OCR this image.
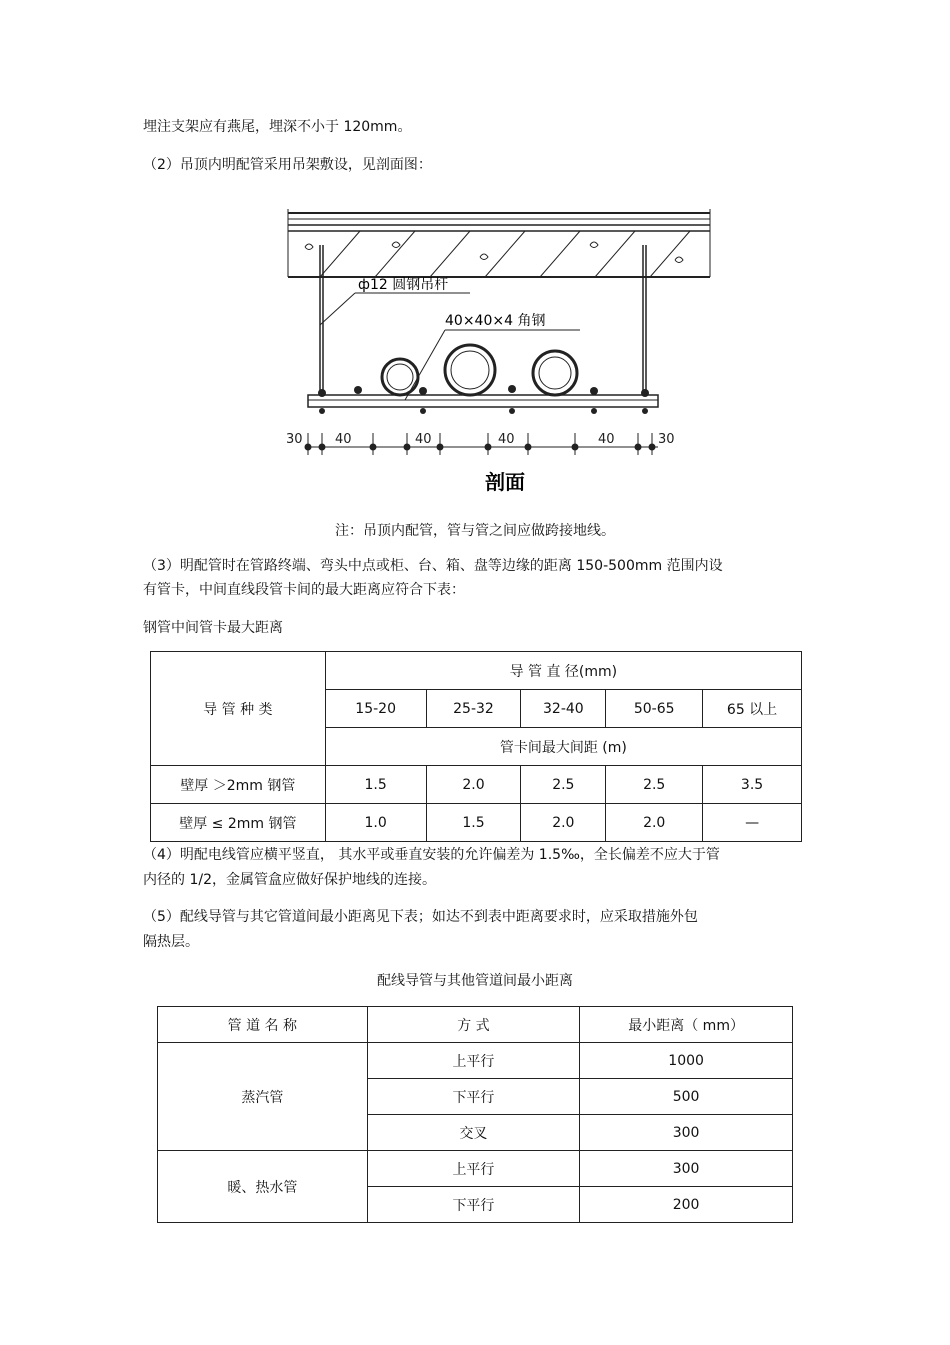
埋注支架应有燕尾，埋深不小于 120mm。
（2）吊顶内明配管采用吊架敷设，见剖面图：
ф12 圆钢吊杆
40×40×4 角钢
30 40	40	40	40	30
剖面
注：吊顶内配管，管与管之间应做跨接地线。
（3）明配管时在管路终端、弯头中点或柜、台、箱、盘等边缘的距离 150-500mm 范围内设
有管卡，中间直线段管卡间的最大距离应符合下表：
钢管中间管卡最大距离
导 管 种 类	导 管 直 径(mm)				
	15-20	25-32	32-40	50-65	65 以上
	管卡间最大间距 (m)				
壁厚 ＞2mm 钢管	1.5	2.0	2.5	2.5	3.5
壁厚 ≤ 2mm 钢管	1.0	1.5	2.0	2.0	—
（4）明配电线管应横平竖直， 其水平或垂直安装的允许偏差为 1.5‰，全长偏差不应大于管
内径的 1/2，金属管盒应做好保护地线的连接。
（5）配线导管与其它管道间最小距离见下表；如达不到表中距离要求时，应采取措施外包
隔热层。
配线导管与其他管道间最小距离
管 道 名 称	方 式	最小距离（ mm）
蒸汽管	上平行	1000
	下平行	500
	交叉	300
暖、热水管	上平行	300
	下平行	200
